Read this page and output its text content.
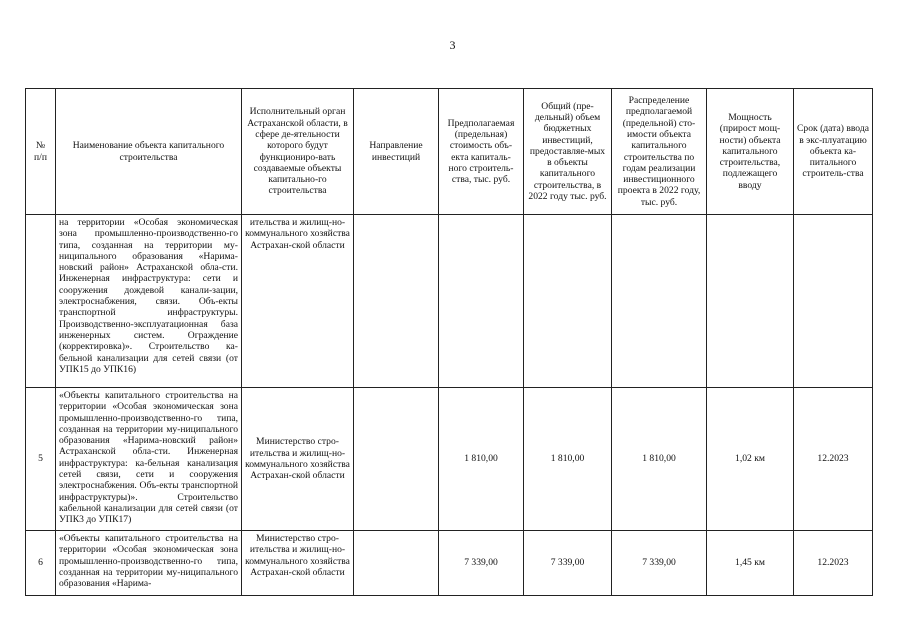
3
№
п/п	Наименование объекта капитального строительства	Исполнительный орган Астраханской области, в сфере де-ятельности которого будут функциониро-вать создаваемые объекты капитально-го строительства	Направление инвестиций	Предполагаемая (предельная) стоимость объ-екта капиталь-ного строитель-ства, тыс. руб.	Общий (пре-дельный) объем бюджетных инвестиций, предоставляе-мых в объекты капитального строительства, в 2022 году тыс. руб.	Распределение предполагаемой (предельной) сто-имости объекта капитального строительства по годам реализации инвестиционного проекта в 2022 году, тыс. руб.	Мощность (прирост мощ-ности) объекта капитального строительства, подлежащего вводу	Срок (дата) ввода в экс-плуатацию объекта ка-питального строитель-ства
	на территории «Особая экономическая зона промышленно-производственно-го типа, созданная на территории му-ниципального образования «Нарима-новский район» Астраханской обла-сти. Инженерная инфраструктура: сети и сооружения дождевой канали-зации, электроснабжения, связи. Объ-екты транспортной инфраструктуры. Производственно-эксплуатационная база инженерных систем. Ограждение (корректировка)». Строительство ка-бельной канализации для сетей связи (от УПК15 до УПК16)	ительства и жилищ-но-коммунального хозяйства Астрахан-ской области						
5	«Объекты капитального строительства на территории «Особая экономическая зона промышленно-производственно-го типа, созданная на территории му-ниципального образования «Нарима-новский район» Астраханской обла-сти. Инженерная инфраструктура: ка-бельная канализация сетей связи, сети и сооружения электроснабжения. Объ-екты транспортной инфраструктуры)». Строительство кабельной канализации для сетей связи (от УПК3 до УПК17)	Министерство стро-ительства и жилищ-но-коммунального хозяйства Астрахан-ской области		1 810,00	1 810,00	1 810,00	1,02 км	12.2023
6	«Объекты капитального строительства на территории «Особая экономическая зона промышленно-производственно-го типа, созданная на территории му-ниципального образования «Нарима-	Министерство стро-ительства и жилищ-но-коммунального хозяйства Астрахан-ской области		7 339,00	7 339,00	7 339,00	1,45 км	12.2023
